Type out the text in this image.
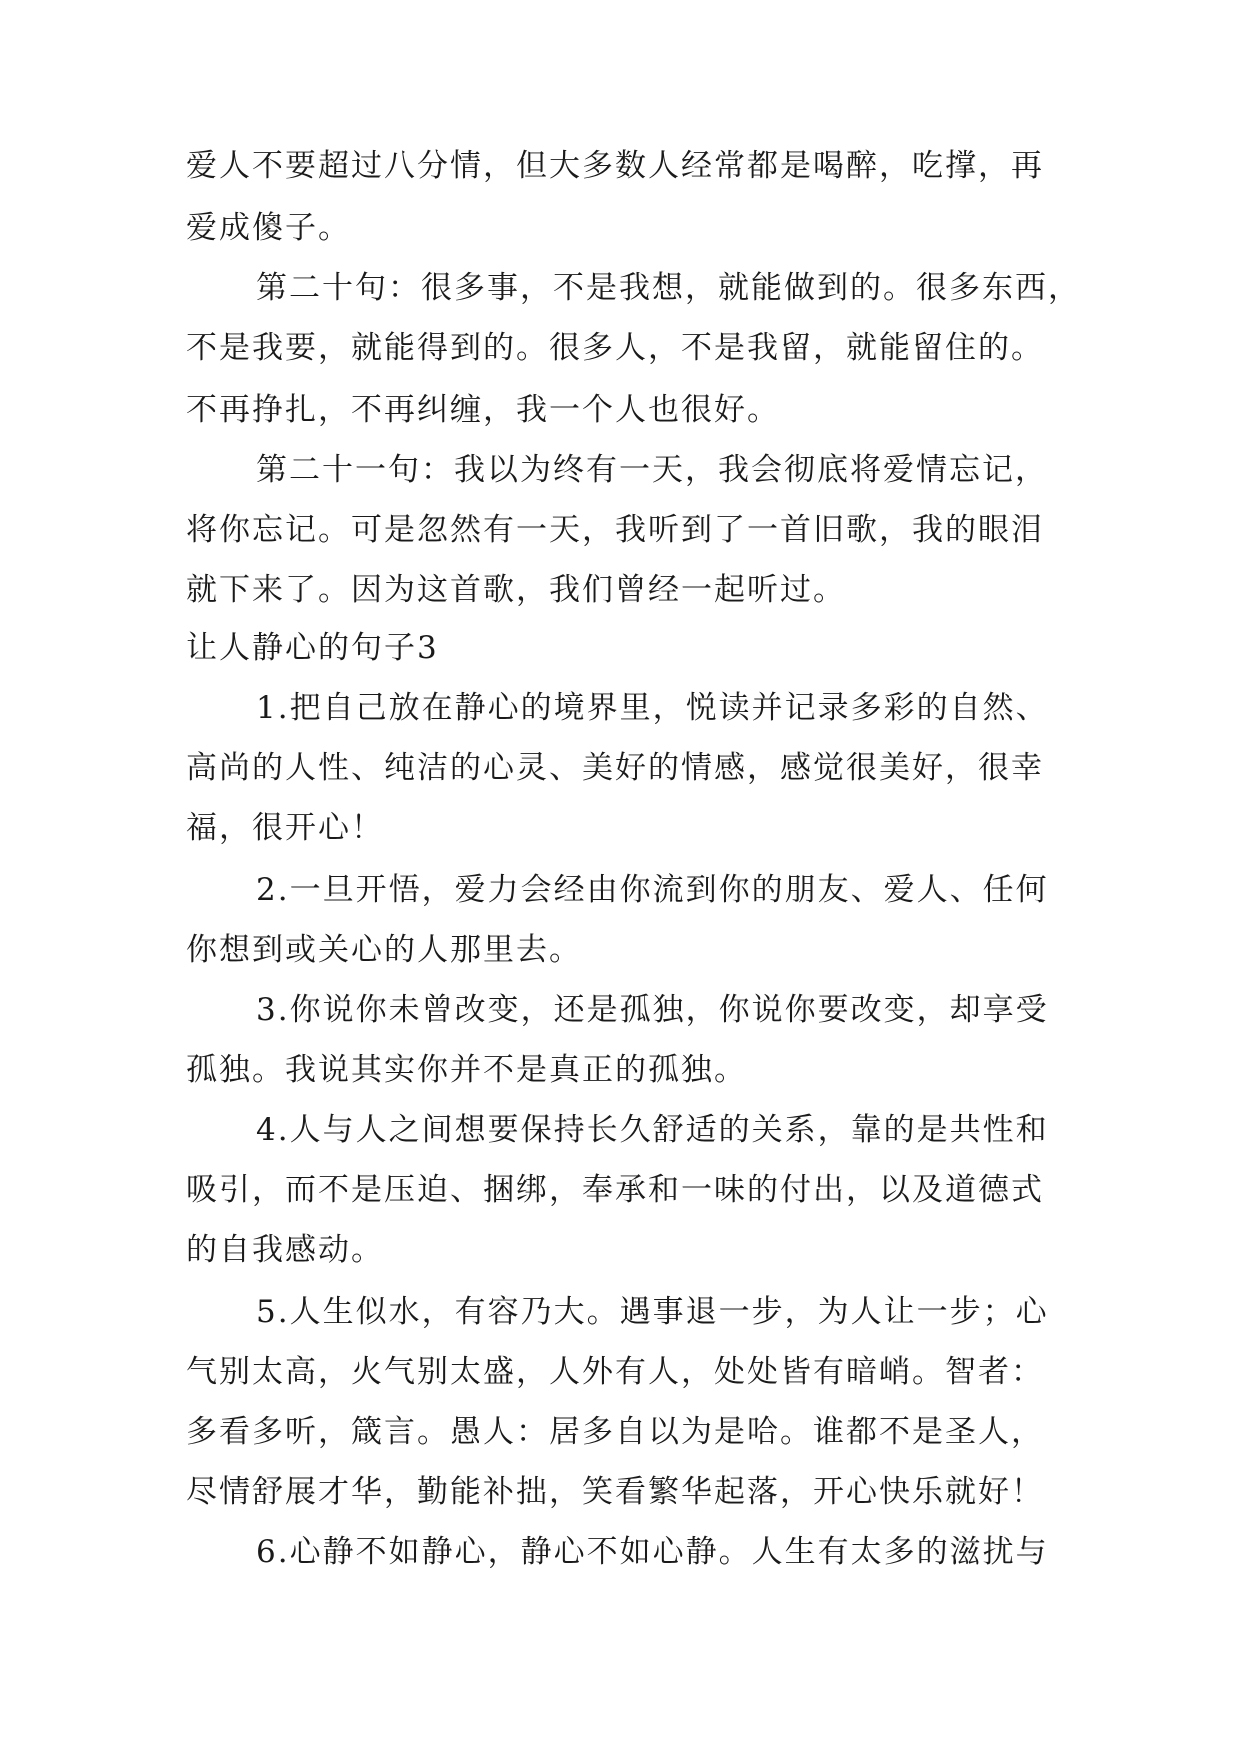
爱人不要超过八分情，但大多数人经常都是喝醉，吃撑，再
爱成傻子。
第二十句：很多事，不是我想，就能做到的。很多东西，
不是我要，就能得到的。很多人，不是我留，就能留住的。
不再挣扎，不再纠缠，我一个人也很好。
第二十一句：我以为终有一天，我会彻底将爱情忘记，
将你忘记。可是忽然有一天，我听到了一首旧歌，我的眼泪
就下来了。因为这首歌，我们曾经一起听过。
让人静心的句子3
1.把自己放在静心的境界里，悦读并记录多彩的自然、
高尚的人性、纯洁的心灵、美好的情感，感觉很美好，很幸
福，很开心！
2.一旦开悟，爱力会经由你流到你的朋友、爱人、任何
你想到或关心的人那里去。
3.你说你未曾改变，还是孤独，你说你要改变，却享受
孤独。我说其实你并不是真正的孤独。
4.人与人之间想要保持长久舒适的关系，靠的是共性和
吸引，而不是压迫、捆绑，奉承和一味的付出，以及道德式
的自我感动。
5.人生似水，有容乃大。遇事退一步，为人让一步；心
气别太高，火气别太盛，人外有人，处处皆有暗峭。智者：
多看多听，箴言。愚人：居多自以为是哈。谁都不是圣人，
尽情舒展才华，勤能补拙，笑看繁华起落，开心快乐就好！
6.心静不如静心，静心不如心静。人生有太多的滋扰与
